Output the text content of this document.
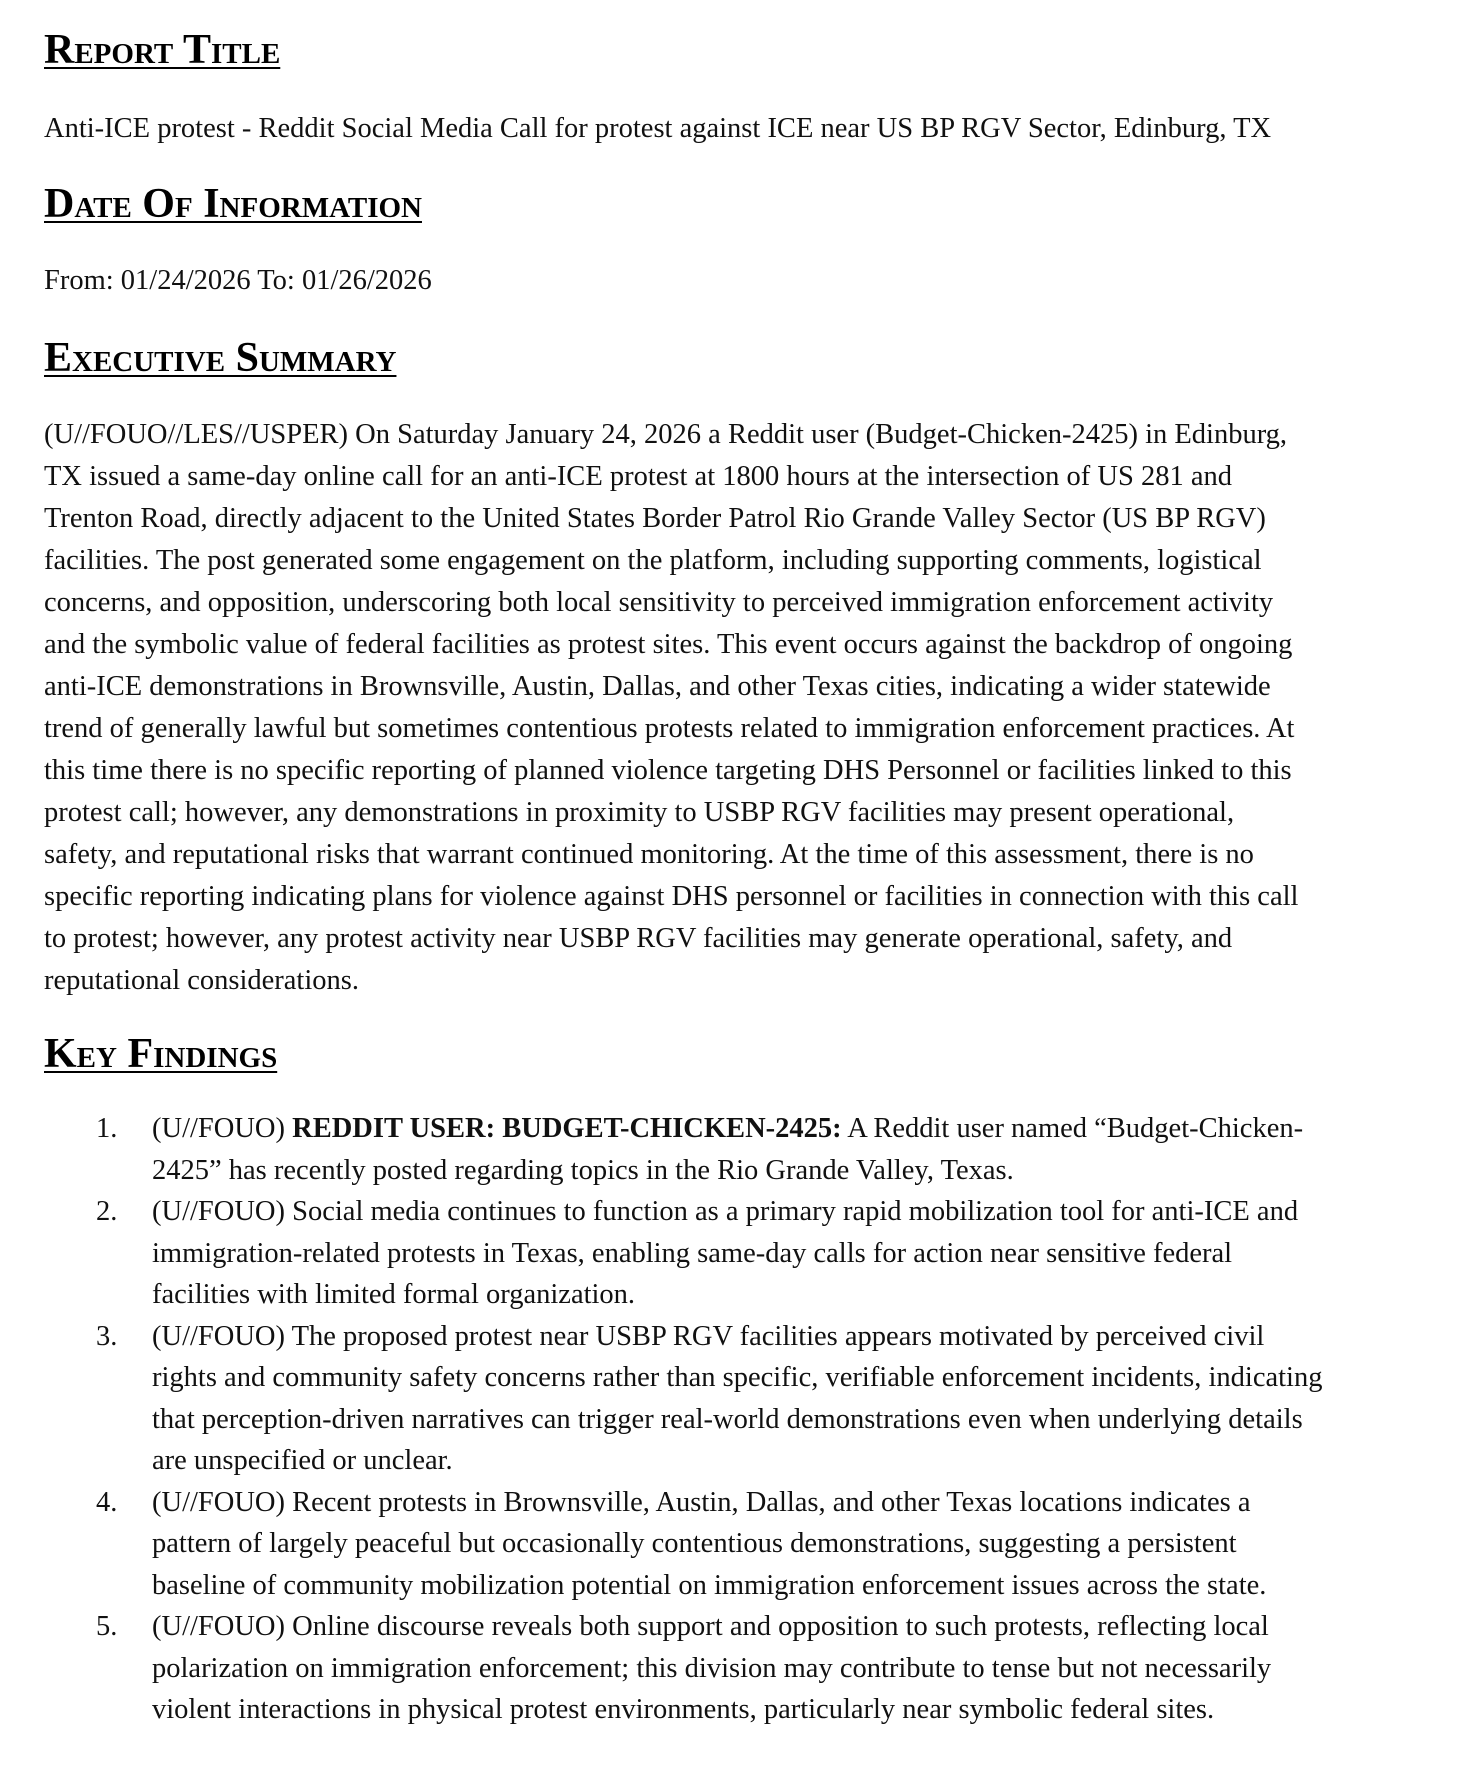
Report Title

Anti-ICE protest - Reddit Social Media Call for protest against ICE near US BP RGV Sector, Edinburg, TX

Date Of Information

From: 01/24/2026 To: 01/26/2026

Executive Summary
(U//FOUO//LES//USPER) On Saturday January 24, 2026 a Reddit user (Budget-Chicken-2425) in Edinburg,
TX issued a same-day online call for an anti-ICE protest at 1800 hours at the intersection of US 281 and
Trenton Road, directly adjacent to the United States Border Patrol Rio Grande Valley Sector (US BP RGV)
facilities. The post generated some engagement on the platform, including supporting comments, logistical
concerns, and opposition, underscoring both local sensitivity to perceived immigration enforcement activity
and the symbolic value of federal facilities as protest sites. This event occurs against the backdrop of ongoing
anti-ICE demonstrations in Brownsville, Austin, Dallas, and other Texas cities, indicating a wider statewide
trend of generally lawful but sometimes contentious protests related to immigration enforcement practices. At
this time there is no specific reporting of planned violence targeting DHS Personnel or facilities linked to this
protest call; however, any demonstrations in proximity to USBP RGV facilities may present operational,
safety, and reputational risks that warrant continued monitoring. At the time of this assessment, there is no
specific reporting indicating plans for violence against DHS personnel or facilities in connection with this call
to protest; however, any protest activity near USBP RGV facilities may generate operational, safety, and
reputational considerations.
Key Findings
1. (U//FOUO) REDDIT USER: BUDGET-CHICKEN-2425: A Reddit user named “Budget-Chicken-
2425” has recently posted regarding topics in the Rio Grande Valley, Texas.
2. (U//FOUO) Social media continues to function as a primary rapid mobilization tool for anti-ICE and
immigration-related protests in Texas, enabling same-day calls for action near sensitive federal
facilities with limited formal organization.
3. (U//FOUO) The proposed protest near USBP RGV facilities appears motivated by perceived civil
rights and community safety concerns rather than specific, verifiable enforcement incidents, indicating
that perception-driven narratives can trigger real-world demonstrations even when underlying details
are unspecified or unclear.
4. (U//FOUO) Recent protests in Brownsville, Austin, Dallas, and other Texas locations indicates a
pattern of largely peaceful but occasionally contentious demonstrations, suggesting a persistent
baseline of community mobilization potential on immigration enforcement issues across the state.
5. (U//FOUO) Online discourse reveals both support and opposition to such protests, reflecting local
polarization on immigration enforcement; this division may contribute to tense but not necessarily
violent interactions in physical protest environments, particularly near symbolic federal sites.
